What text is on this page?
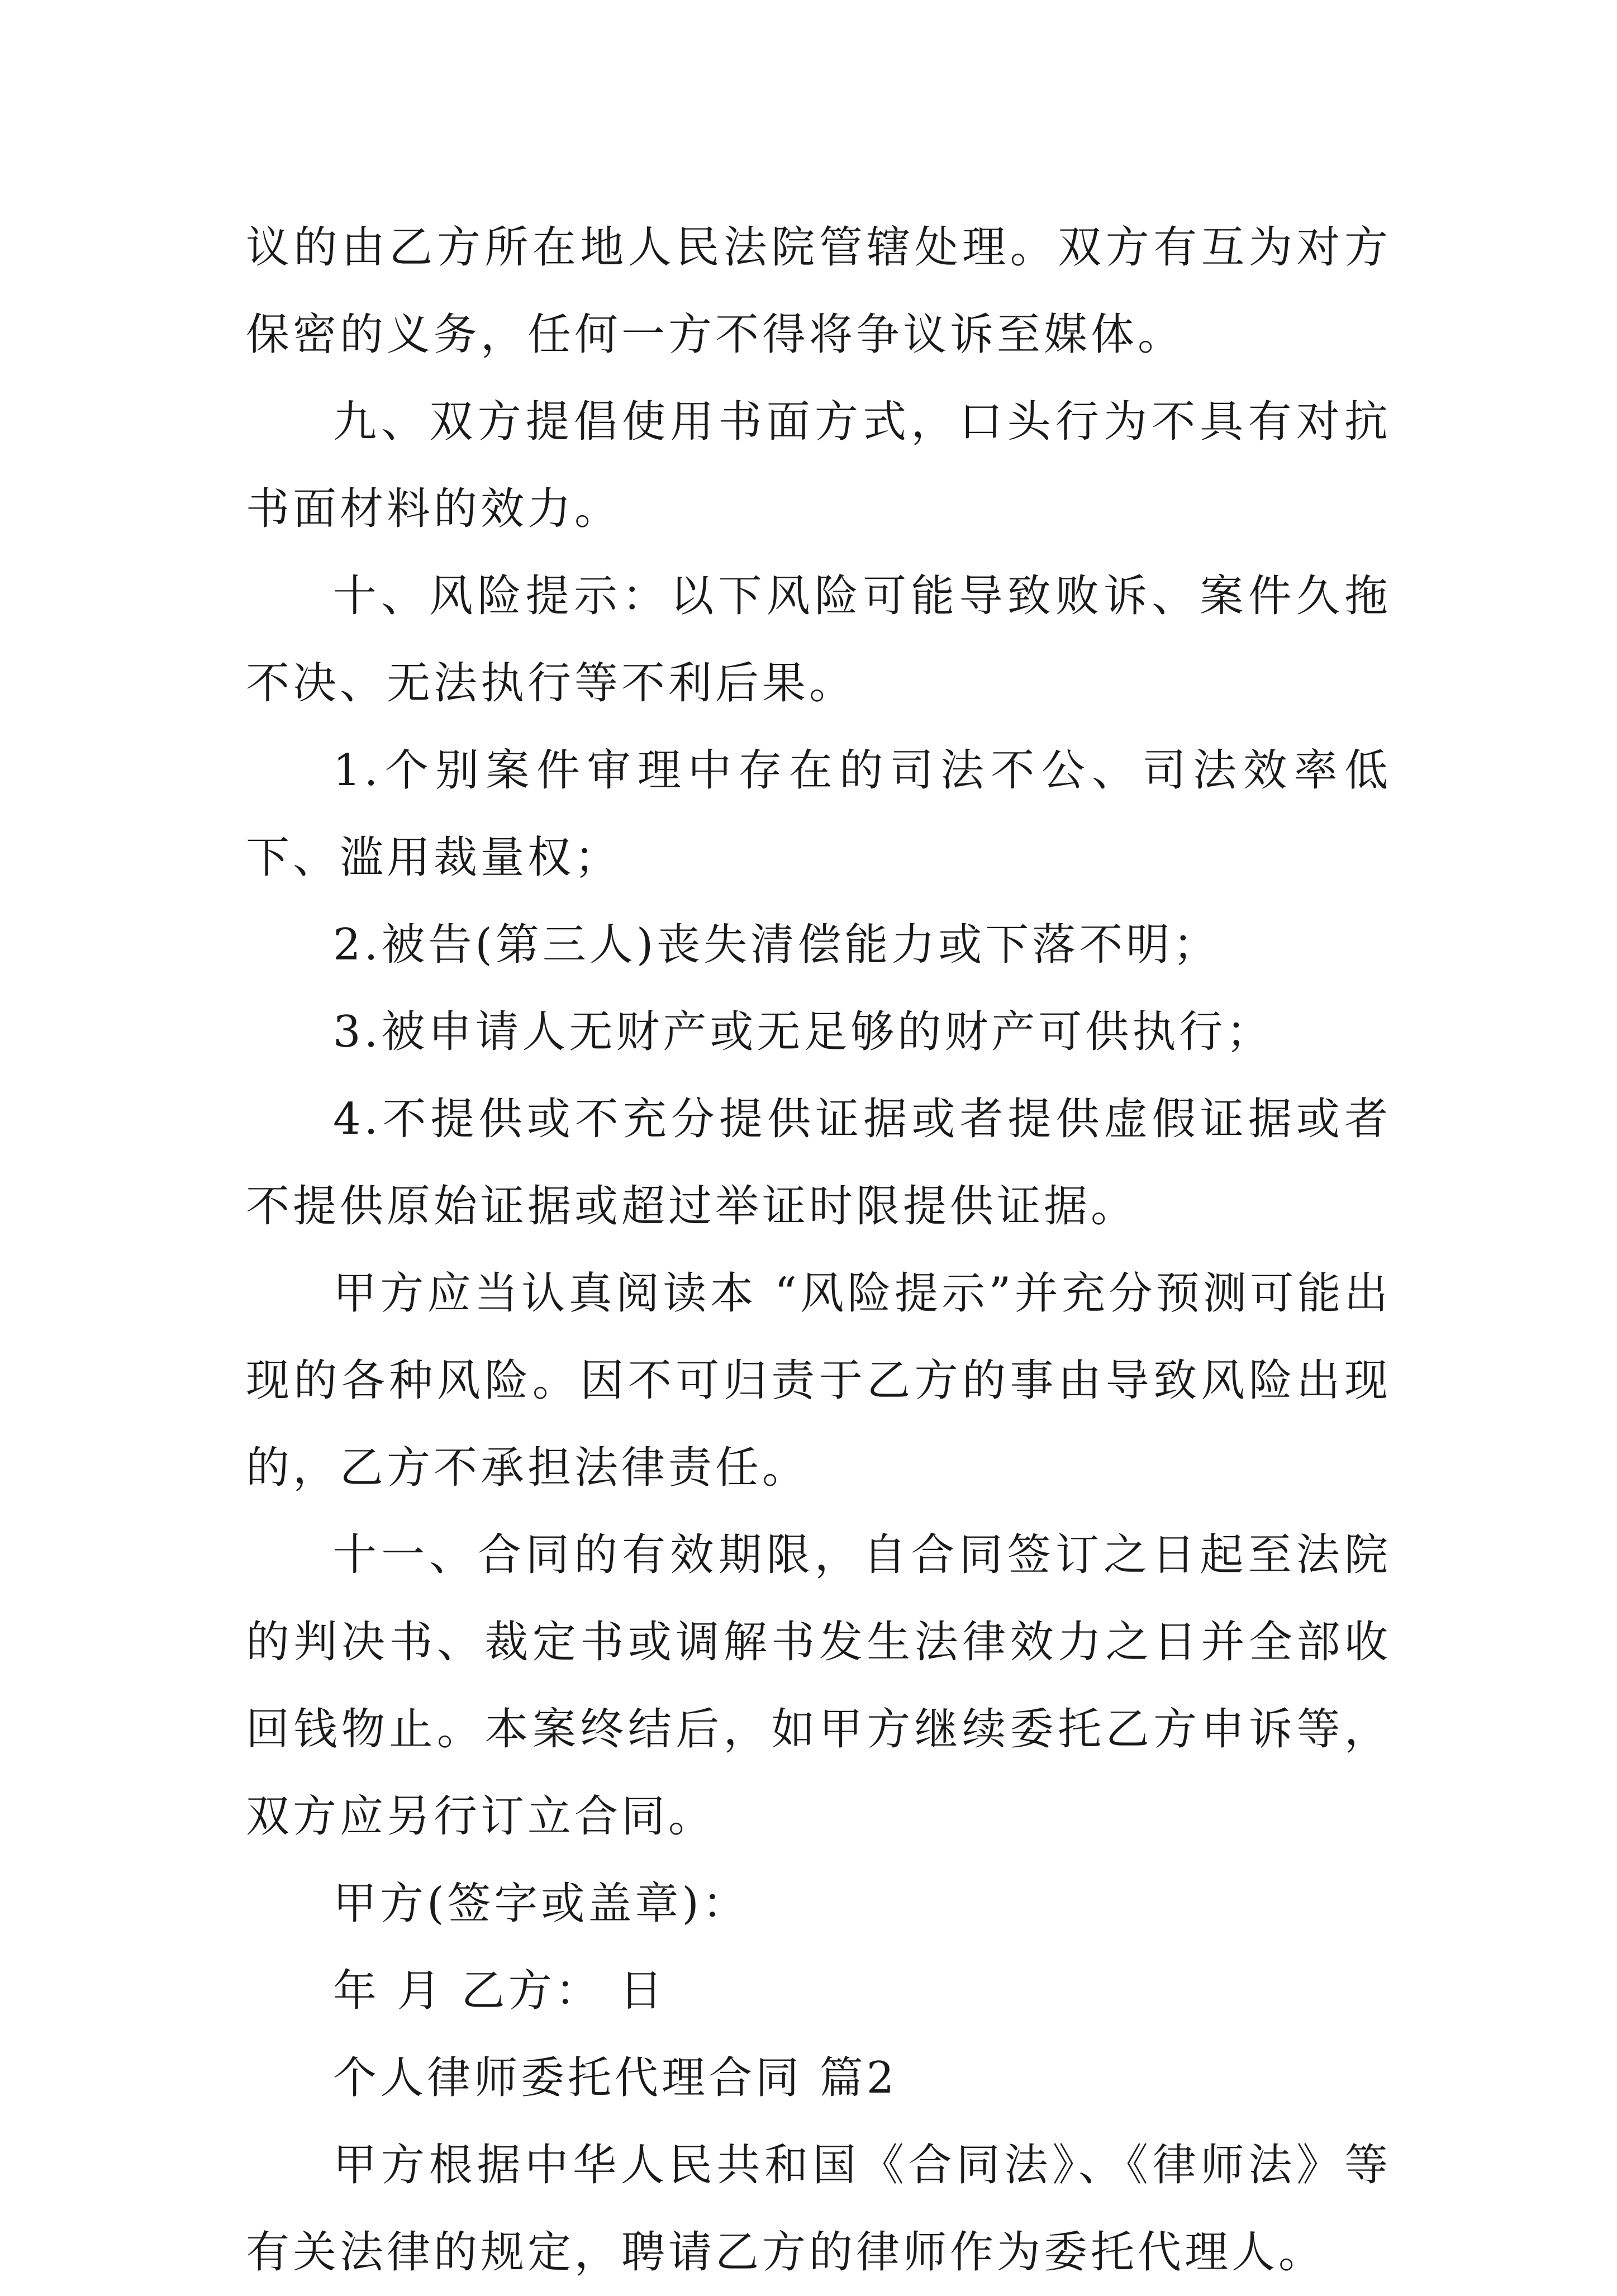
议的由乙方所在地人民法院管辖处理。双方有互为对方保密的义务，任何一方不得将争议诉至媒体。

九、双方提倡使用书面方式，口头行为不具有对抗书面材料的效力。

十、风险提示：以下风险可能导致败诉、案件久拖不决、无法执行等不利后果。

1.个别案件审理中存在的司法不公、司法效率低下、滥用裁量权；

2.被告(第三人)丧失清偿能力或下落不明；

3.被申请人无财产或无足够的财产可供执行；

4.不提供或不充分提供证据或者提供虚假证据或者不提供原始证据或超过举证时限提供证据。

甲方应当认真阅读本 “风险提示”并充分预测可能出现的各种风险。因不可归责于乙方的事由导致风险出现的，乙方不承担法律责任。

十一、合同的有效期限，自合同签订之日起至法院的判决书、裁定书或调解书发生法律效力之日并全部收回钱物止。本案终结后，如甲方继续委托乙方申诉等，双方应另行订立合同。

甲方(签字或盖章)：

年 月 乙方： 日

个人律师委托代理合同 篇2

甲方根据中华人民共和国《合同法》、《律师法》等有关法律的规定，聘请乙方的律师作为委托代理人。
